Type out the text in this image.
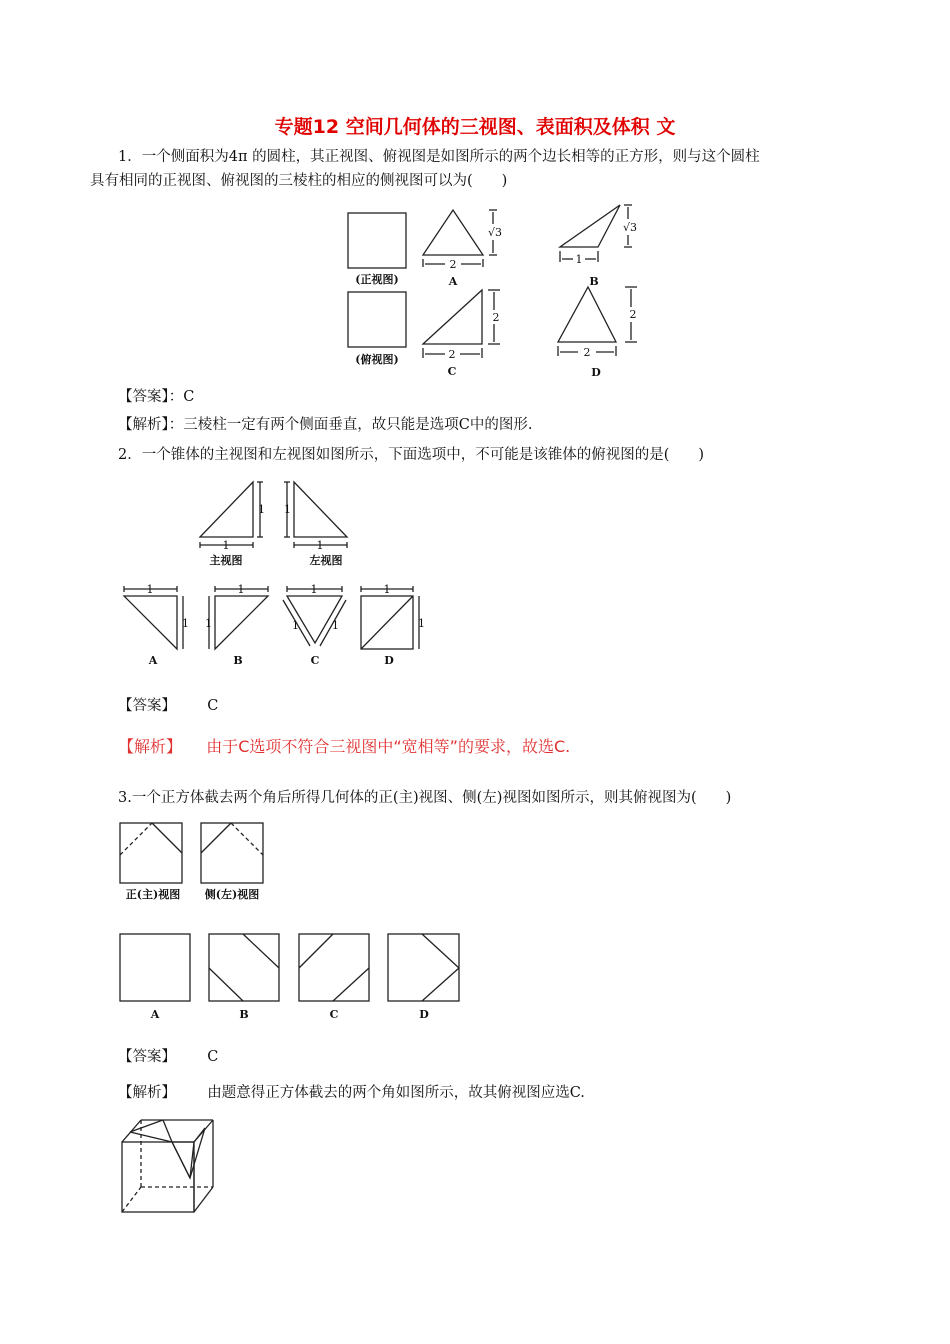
专题12 空间几何体的三视图、表面积及体积 文
1．一个侧面积为4π 的圆柱，其正视图、俯视图是如图所示的两个边长相等的正方形，则与这个圆柱
具有相同的正视图、俯视图的三棱柱的相应的侧视图可以为(　　)
(正视图)
(俯视图)
2
√3
A
1
√3
B
2
2
C
2
2
D
【答案】：C
【解析】：三棱柱一定有两个侧面垂直，故只能是选项C中的图形.
2．一个锥体的主视图和左视图如图所示，下面选项中，不可能是该锥体的俯视图的是(　　)
1
1
主视图
1
1
左视图
1
1
A
1
1
B
1
1	1
C
1
1
D
【答案】 C
【解析】 由于C选项不符合三视图中“宽相等”的要求，故选C.
3.一个正方体截去两个角后所得几何体的正(主)视图、侧(左)视图如图所示，则其俯视图为(　　)
正(主)视图 侧(左)视图
A	B	C	D
【答案】 C
【解析】 由题意得正方体截去的两个角如图所示，故其俯视图应选C.
